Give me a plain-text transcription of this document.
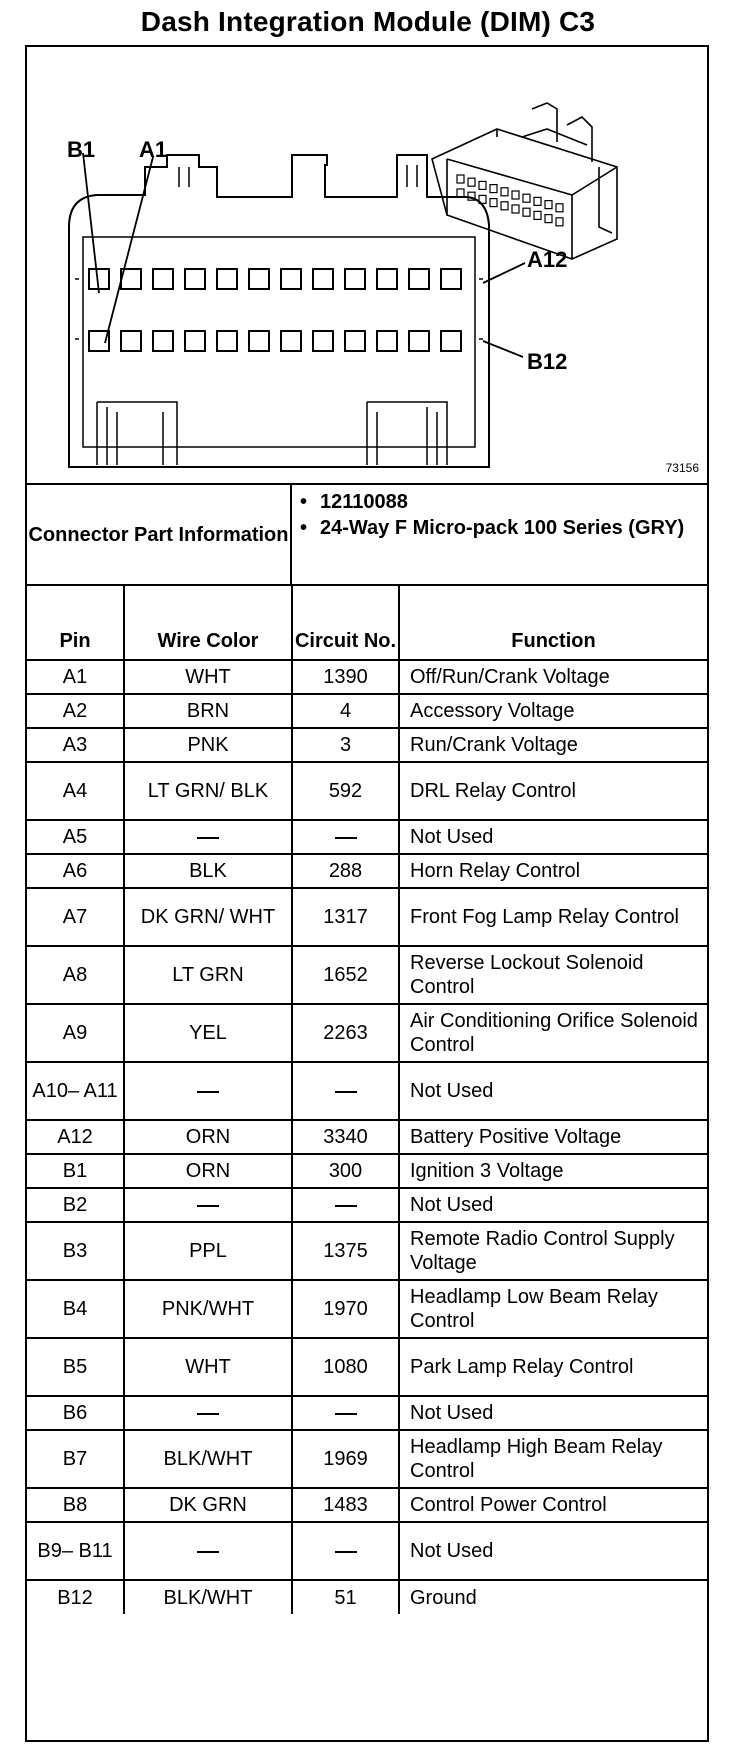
Dash Integration Module (DIM) C3
B1 A1
A12
B12
73156
Connector Part Information
• 12110088
• 24-Way F Micro-pack 100 Series (GRY)
Pin	Wire Color	Circuit No.	Function
A1	WHT	1390	Off/Run/Crank Voltage
A2	BRN	4	Accessory Voltage
A3	PNK	3	Run/Crank Voltage
A4	LT GRN/ BLK	592	DRL Relay Control
A5			Not Used
A6	BLK	288	Horn Relay Control
A7	DK GRN/ WHT	1317	Front Fog Lamp Relay Control
A8	LT GRN	1652	Reverse Lockout Solenoid Control
A9	YEL	2263	Air Conditioning Orifice Solenoid Control
A10– A11			Not Used
A12	ORN	3340	Battery Positive Voltage
B1	ORN	300	Ignition 3 Voltage
B2			Not Used
B3	PPL	1375	Remote Radio Control Supply Voltage
B4	PNK/WHT	1970	Headlamp Low Beam Relay Control
B5	WHT	1080	Park Lamp Relay Control
B6			Not Used
B7	BLK/WHT	1969	Headlamp High Beam Relay Control
B8	DK GRN	1483	Control Power Control
B9– B11			Not Used
B12	BLK/WHT	51	Ground
